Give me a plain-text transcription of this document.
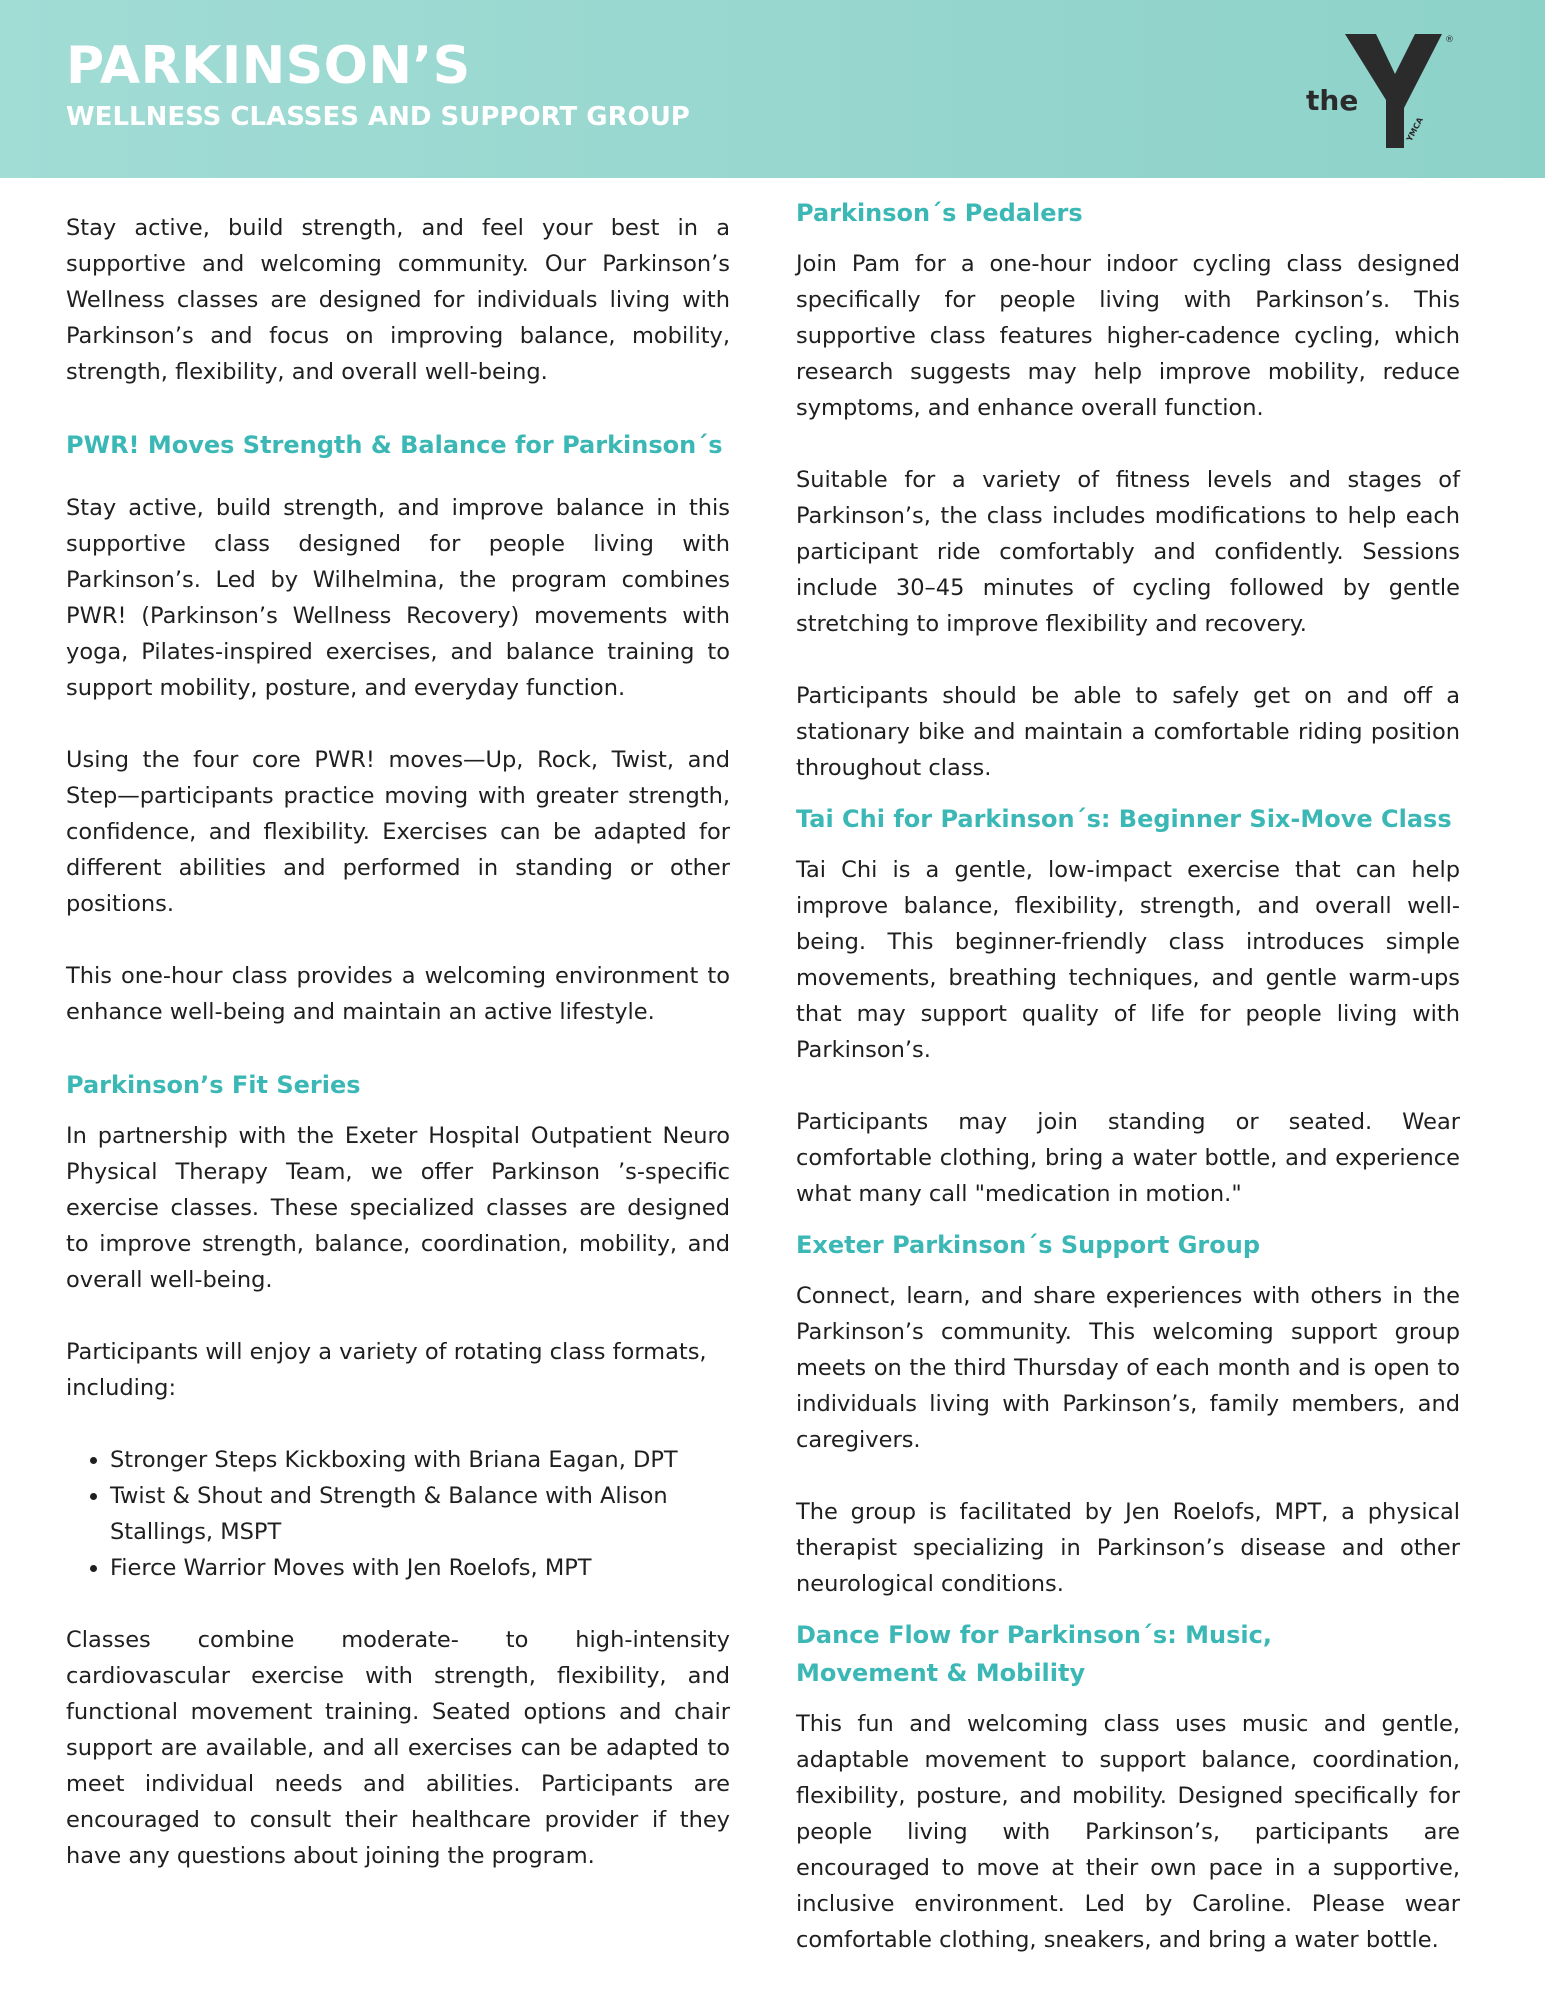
PARKINSON’S
WELLNESS CLASSES AND SUPPORT GROUP	the
YMCA
®

Stay active, build strength, and feel your best in a supportive and welcoming community. Our Parkinson’s Wellness classes are designed for individuals living with Parkinson’s and focus on improving balance, mobility, strength, flexibility, and overall well-being.

PWR! Moves Strength & Balance for Parkinson´s

Stay active, build strength, and improve balance in this supportive class designed for people living with Parkinson’s. Led by Wilhelmina, the program combines PWR! (Parkinson’s Wellness Recovery) movements with yoga, Pilates-inspired exercises, and balance training to support mobility, posture, and everyday function.

Using the four core PWR! moves—Up, Rock, Twist, and Step—participants practice moving with greater strength, confidence, and flexibility. Exercises can be adapted for different abilities and performed in standing or other positions.

This one-hour class provides a welcoming environment to enhance well-being and maintain an active lifestyle.

Parkinson’s Fit Series

In partnership with the Exeter Hospital Outpatient Neuro Physical Therapy Team, we offer Parkinson ’s-specific exercise classes. These specialized classes are designed to improve strength, balance, coordination, mobility, and overall well-being.

Participants will enjoy a variety of rotating class formats, including:

• Stronger Steps Kickboxing with Briana Eagan, DPT
• Twist & Shout and Strength & Balance with Alison Stallings, MSPT
• Fierce Warrior Moves with Jen Roelofs, MPT

Classes combine moderate- to high-intensity cardiovascular exercise with strength, flexibility, and functional movement training. Seated options and chair support are available, and all exercises can be adapted to meet individual needs and abilities. Participants are encouraged to consult their healthcare provider if they have any questions about joining the program.

Parkinson´s Pedalers

Join Pam for a one-hour indoor cycling class designed specifically for people living with Parkinson’s. This supportive class features higher-cadence cycling, which research suggests may help improve mobility, reduce symptoms, and enhance overall function.

Suitable for a variety of fitness levels and stages of Parkinson’s, the class includes modifications to help each participant ride comfortably and confidently. Sessions include 30–45 minutes of cycling followed by gentle stretching to improve flexibility and recovery.

Participants should be able to safely get on and off a stationary bike and maintain a comfortable riding position throughout class.

Tai Chi for Parkinson´s: Beginner Six-Move Class

Tai Chi is a gentle, low-impact exercise that can help improve balance, flexibility, strength, and overall well-being. This beginner-friendly class introduces simple movements, breathing techniques, and gentle warm-ups that may support quality of life for people living with Parkinson’s.

Participants may join standing or seated. Wear comfortable clothing, bring a water bottle, and experience what many call "medication in motion."

Exeter Parkinson´s Support Group

Connect, learn, and share experiences with others in the Parkinson’s community. This welcoming support group meets on the third Thursday of each month and is open to individuals living with Parkinson’s, family members, and caregivers.

The group is facilitated by Jen Roelofs, MPT, a physical therapist specializing in Parkinson’s disease and other neurological conditions.

Dance Flow for Parkinson´s: Music,
Movement & Mobility

This fun and welcoming class uses music and gentle, adaptable movement to support balance, coordination, flexibility, posture, and mobility. Designed specifically for people living with Parkinson’s, participants are encouraged to move at their own pace in a supportive, inclusive environment. Led by Caroline. Please wear comfortable clothing, sneakers, and bring a water bottle.
